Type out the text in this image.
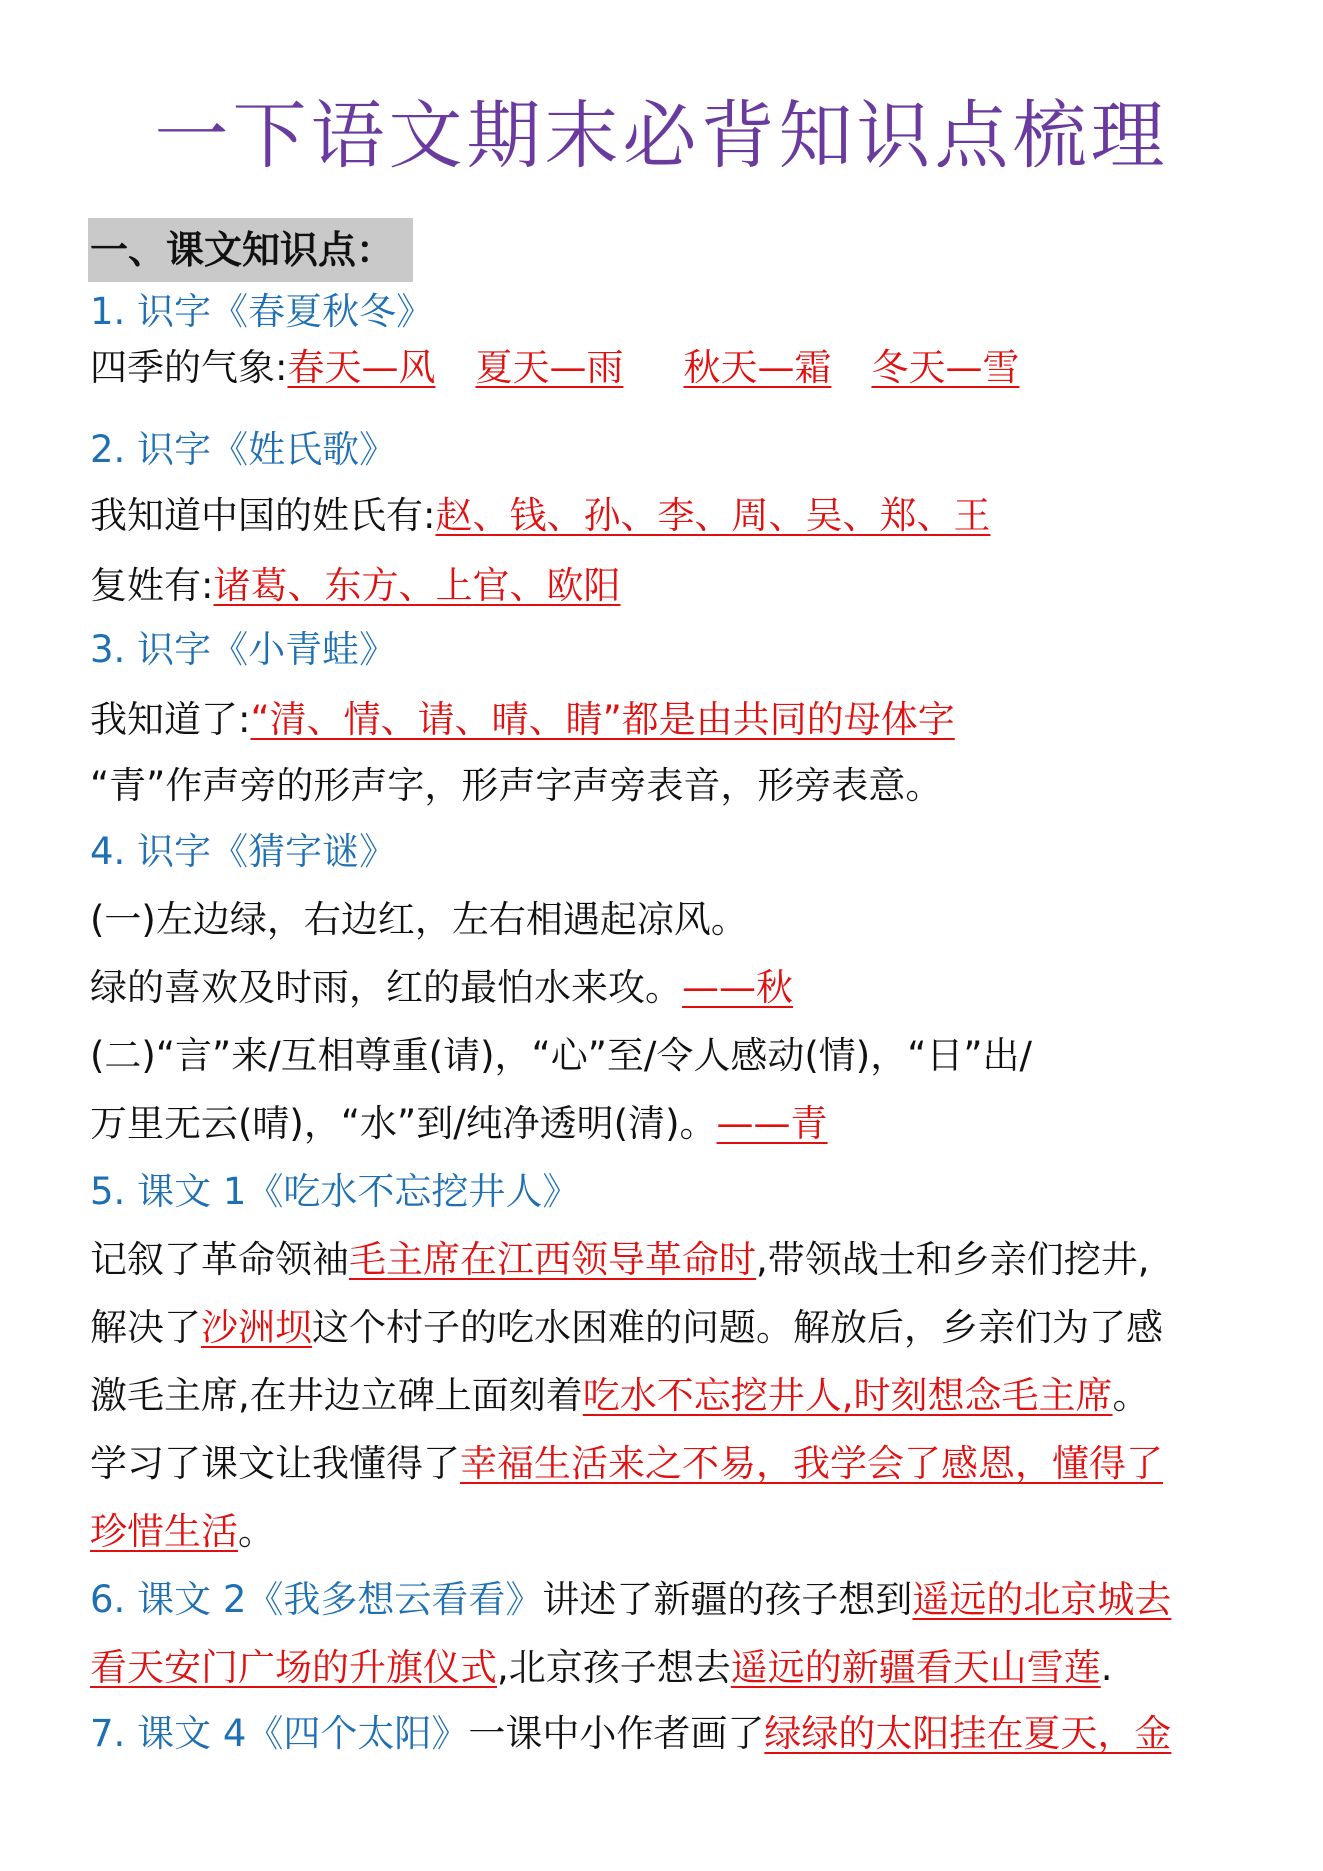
一下语文期末必背知识点梳理
一、课文知识点：
1. 识字《春夏秋冬》
四季的气象:春天—风 夏天—雨 秋天—霜 冬天—雪
2. 识字《姓氏歌》
我知道中国的姓氏有:赵、钱、孙、李、周、吴、郑、王
复姓有:诸葛、东方、上官、欧阳
3. 识字《小青蛙》
我知道了:“清、情、请、晴、睛”都是由共同的母体字
“青”作声旁的形声字，形声字声旁表音，形旁表意。
4. 识字《猜字谜》
(一)左边绿，右边红，左右相遇起凉风。
绿的喜欢及时雨，红的最怕水来攻。——秋
(二)“言”来/互相尊重(请)，“心”至/令人感动(情)，“日”出/
万里无云(晴)，“水”到/纯净透明(清)。——青
5. 课文 1《吃水不忘挖井人》
记叙了革命领袖毛主席在江西领导革命时,带领战士和乡亲们挖井,
解决了沙洲坝这个村子的吃水困难的问题。解放后，乡亲们为了感
激毛主席,在井边立碑上面刻着吃水不忘挖井人,时刻想念毛主席。
学习了课文让我懂得了幸福生活来之不易，我学会了感恩，懂得了
珍惜生活。
6. 课文 2《我多想云看看》讲述了新疆的孩子想到遥远的北京城去
看天安门广场的升旗仪式,北京孩子想去遥远的新疆看天山雪莲.
7. 课文 4《四个太阳》一课中小作者画了绿绿的太阳挂在夏天，金
